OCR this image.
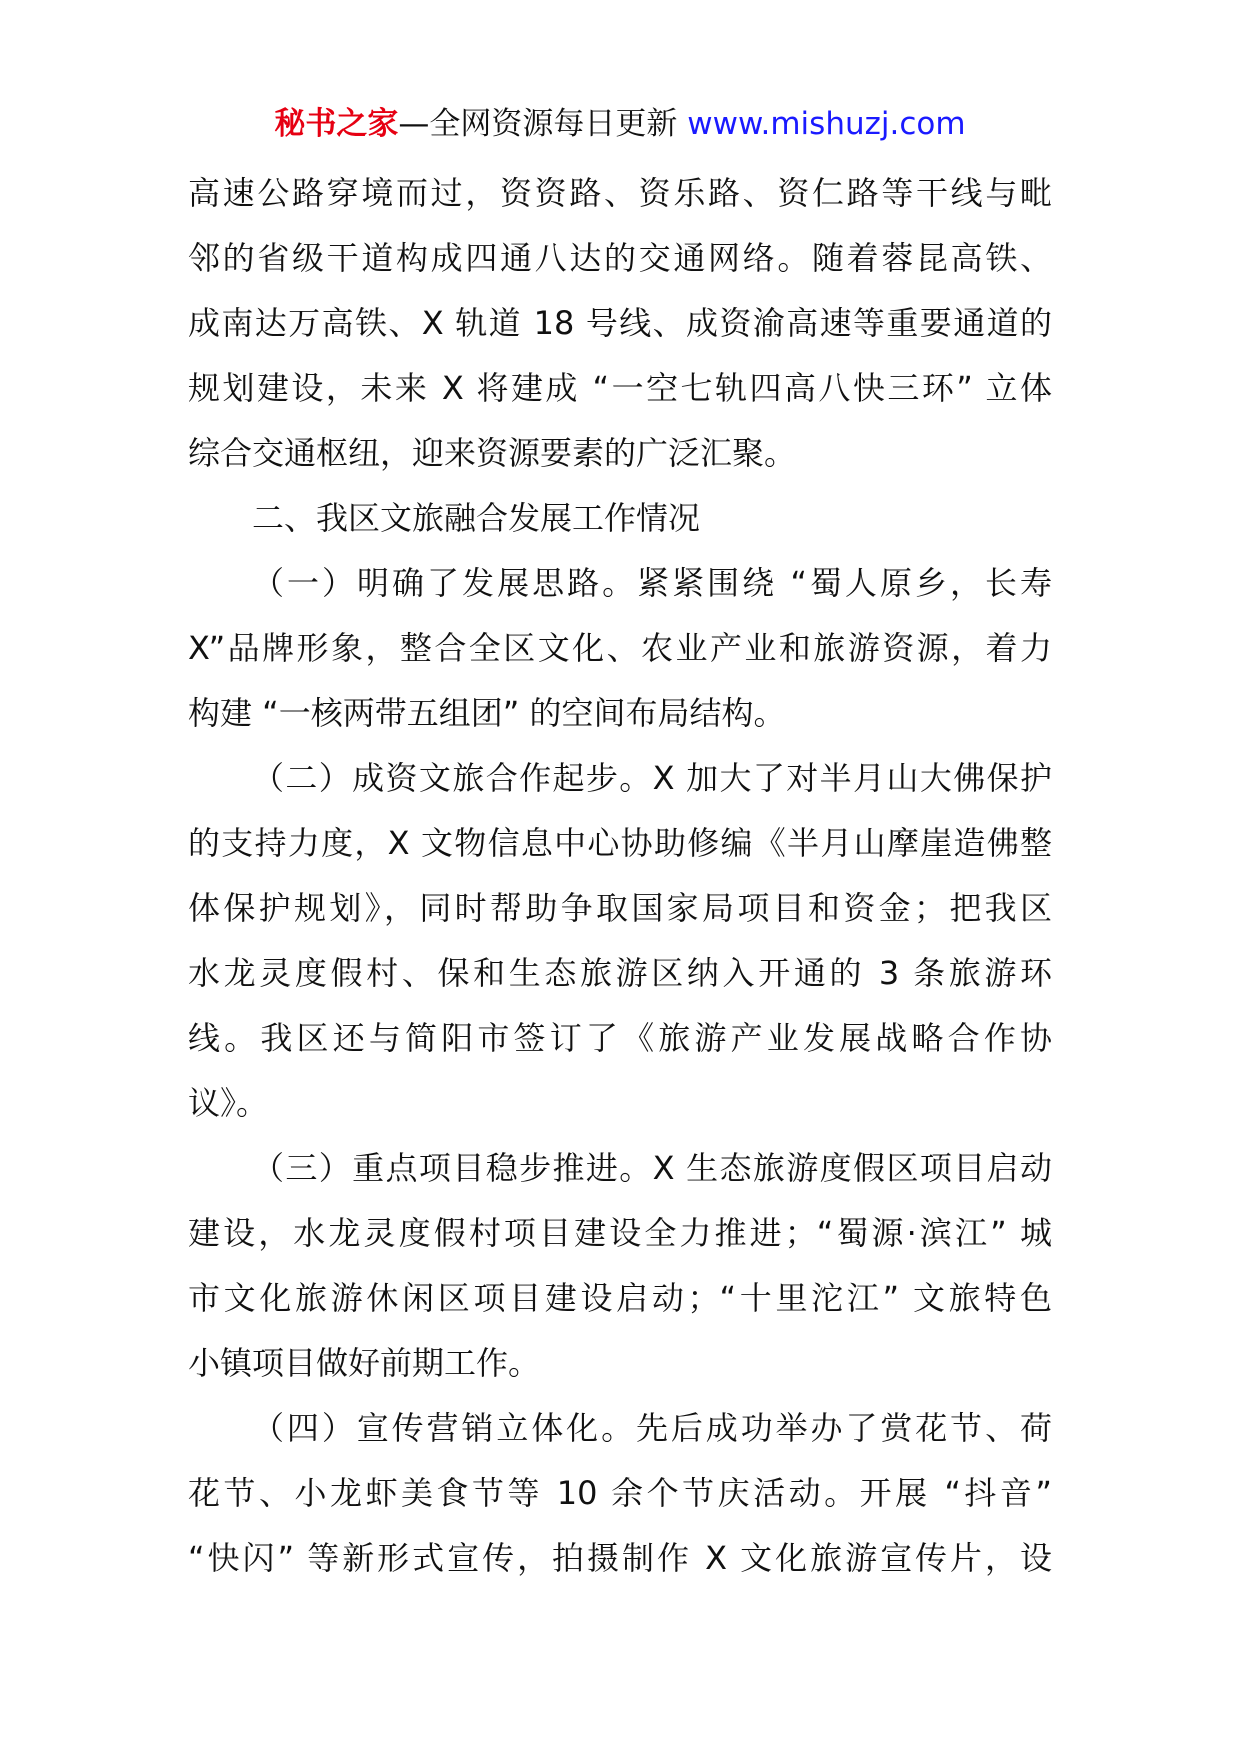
秘书之家—全网资源每日更新 www.mishuzj.com
高速公路穿境而过，资资路、资乐路、资仁路等干线与毗
邻的省级干道构成四通八达的交通网络。随着蓉昆高铁、
成南达万高铁、X 轨道 18 号线、成资渝高速等重要通道的
规划建设，未来 X 将建成 “一空七轨四高八快三环” 立体
综合交通枢纽，迎来资源要素的广泛汇聚。
二、我区文旅融合发展工作情况
（一）明确了发展思路。紧紧围绕 “蜀人原乡，长寿
X”品牌形象，整合全区文化、农业产业和旅游资源，着力
构建 “一核两带五组团” 的空间布局结构。
（二）成资文旅合作起步。X 加大了对半月山大佛保护
的支持力度，X 文物信息中心协助修编《半月山摩崖造佛整
体保护规划》，同时帮助争取国家局项目和资金；把我区
水龙灵度假村、保和生态旅游区纳入开通的 3 条旅游环
线。我区还与简阳市签订了《旅游产业发展战略合作协
议》。
（三）重点项目稳步推进。X 生态旅游度假区项目启动
建设，水龙灵度假村项目建设全力推进；“蜀源·滨江” 城
市文化旅游休闲区项目建设启动；“十里沱江” 文旅特色
小镇项目做好前期工作。
（四）宣传营销立体化。先后成功举办了赏花节、荷
花节、小龙虾美食节等 10 余个节庆活动。开展 “抖音”
“快闪” 等新形式宣传，拍摄制作 X 文化旅游宣传片，设
